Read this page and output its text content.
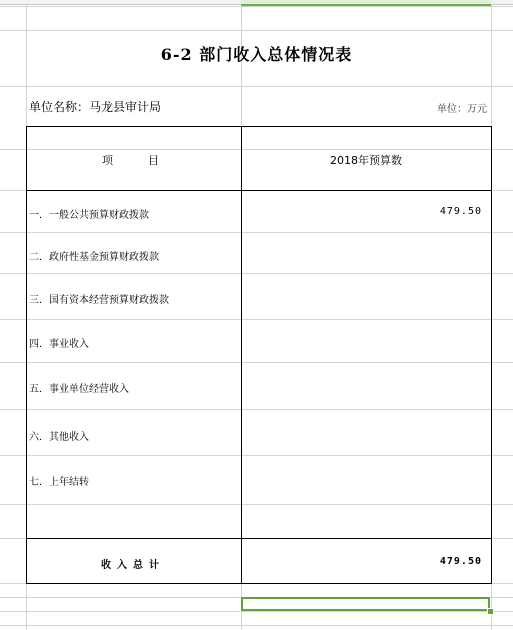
6-2 部门收入总体情况表
单位名称：马龙县审计局	单位：万元
项          目	2018年预算数
一．一般公共预算财政拨款	479.50
二．政府性基金预算财政拨款
三．国有资本经营预算财政拨款
四．事业收入
五．事业单位经营收入
六．其他收入
七．上年结转
收入总计	479.50
